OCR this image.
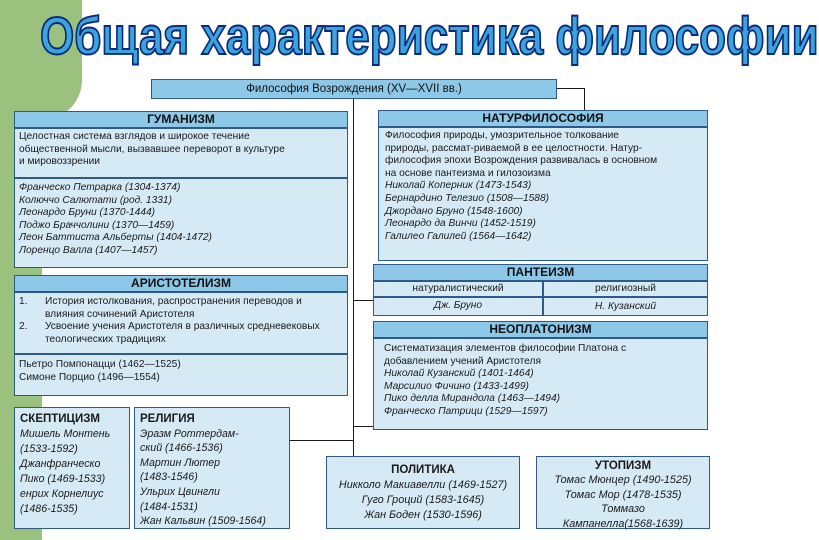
Общая характеристика философии
Философия Возрождения (XV—XVII вв.)
ГУМАНИЗМ
Целостная система взглядов и широкое течение
общественной мысли, вызвавшее переворот в культуре
и мировоззрении
Франческо Петрарка (1304-1374)
Колюччо Салютати (род. 1331)
Леонардо Бруни (1370-1444)
Поджо Браччолини (1370—1459)
Леон Баттиста Альберты (1404-1472)
Лоренцо Валла (1407—1457)
НАТУРФИЛОСОФИЯ
Философия природы, умозрительное толкование
природы, рассмат-риваемой в ее целостности. Натур-
философия эпохи Возрождения развивалась в основном
на основе пантеизма и гилозоизма
Николай Коперник (1473-1543)
Бернардино Телезио (1508—1588)
Джордано Бруно (1548-1600)
Леонардо да Винчи (1452-1519)
Галилео Галилей (1564—1642)
АРИСТОТЕЛИЗМ
1.	История истолкования, распространения переводов и влияния сочинений Аристотеля
2.	Усвоение учения Аристотеля в различных средневековых теологических традициях
Пьетро Помпонацци (1462—1525)
Симоне Порцио (1496—1554)
ПАНТЕИЗМ
натуралистический	религиозный
Дж. Бруно	Н. Кузанский
НЕОПЛАТОНИЗМ
Систематизация элементов философии Платона с
добавлением учений Аристотеля
Николай Кузанский (1401-1464)
Марсилио Фичино (1433-1499)
Пико делла Мирандола (1463—1494)
Франческо Патрици (1529—1597)
СКЕПТИЦИЗМ
Мишель Монтень
(1533-1592)
Джанфранческо
Пико (1469-1533)
енрих Корнелиус
(1486-1535)
РЕЛИГИЯ
Эразм Роттердам-
ский (1466-1536)
Мартин Лютер
(1483-1546)
Ульрих Цвингли
(1484-1531)
Жан Кальвин (1509-1564)
ПОЛИТИКА
Никколо Макиавелли (1469-1527)
Гуго Гроций (1583-1645)
Жан Боден (1530-1596)
УТОПИЗМ
Томас Мюнцер (1490-1525)
Томас Мор (1478-1535)
Томмазо
Кампанелла(1568-1639)
